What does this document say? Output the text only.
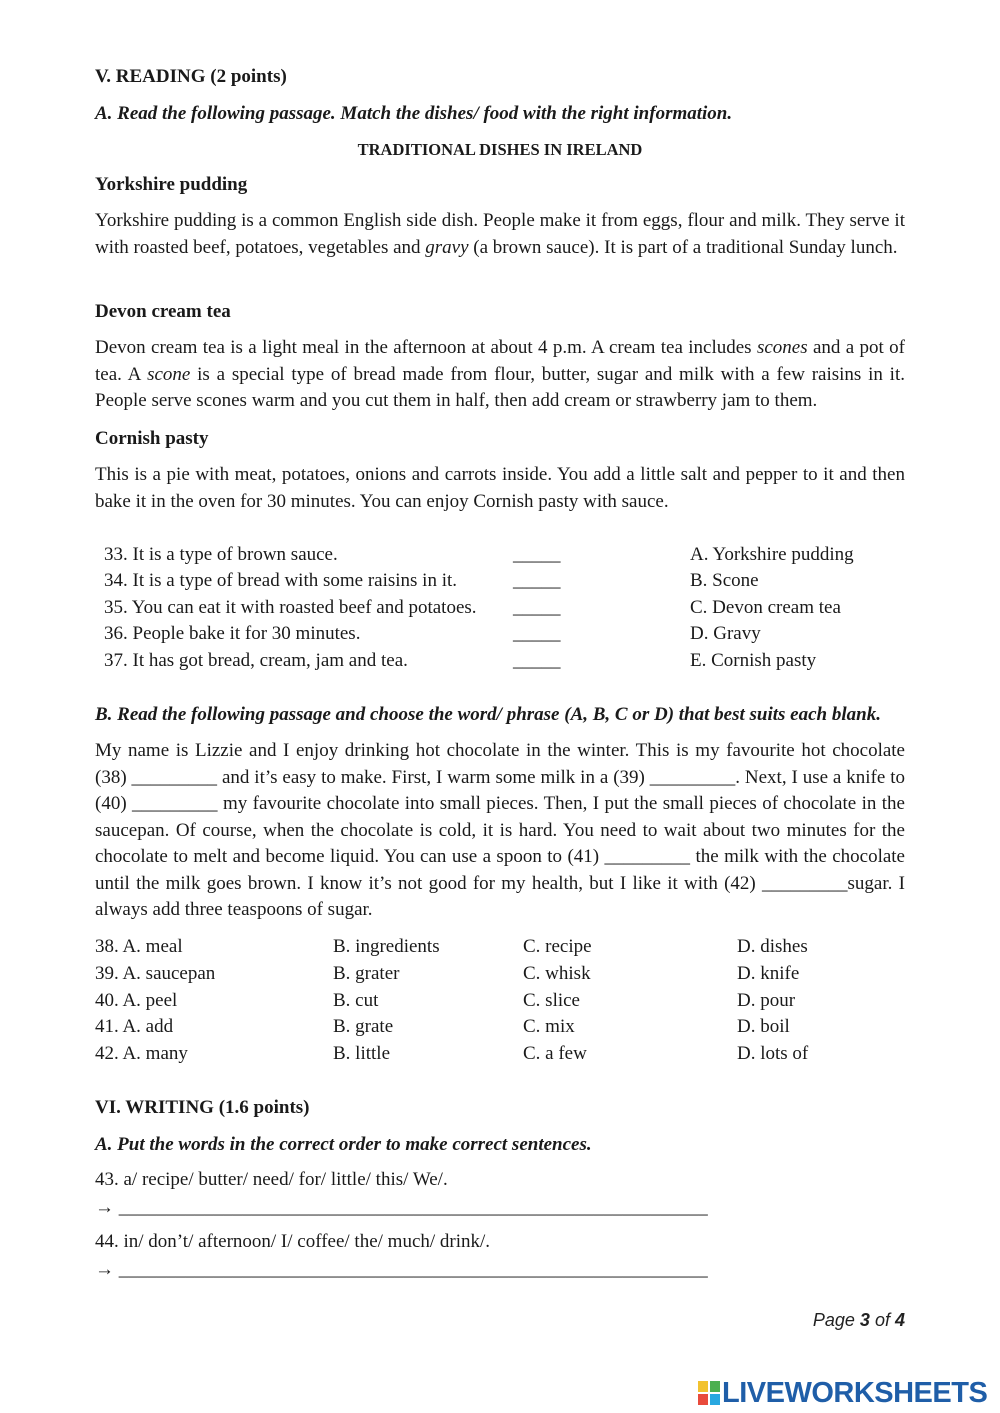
V. READING (2 points)
A. Read the following passage. Match the dishes/ food with the right information.
TRADITIONAL DISHES IN IRELAND
Yorkshire pudding
Yorkshire pudding is a common English side dish. People make it from eggs, flour and milk. They serve it with roasted beef, potatoes, vegetables and gravy (a brown sauce). It is part of a traditional Sunday lunch.
Devon cream tea
Devon cream tea is a light meal in the afternoon at about 4 p.m. A cream tea includes scones and a pot of tea. A scone is a special type of bread made from flour, butter, sugar and milk with a few raisins in it. People serve scones warm and you cut them in half, then add cream or strawberry jam to them.
Cornish pasty
This is a pie with meat, potatoes, onions and carrots inside. You add a little salt and pepper to it and then bake it in the oven for 30 minutes. You can enjoy Cornish pasty with sauce.
33. It is a type of brown sauce.	_____	A. Yorkshire pudding
34. It is a type of bread with some raisins in it.	_____	B. Scone
35. You can eat it with roasted beef and potatoes. _____	C. Devon cream tea
36. People bake it for 30 minutes.	_____	D. Gravy
37. It has got bread, cream, jam and tea.	_____	E. Cornish pasty
B. Read the following passage and choose the word/ phrase (A, B, C or D) that best suits each blank.
My name is Lizzie and I enjoy drinking hot chocolate in the winter. This is my favourite hot chocolate (38) _________ and it’s easy to make. First, I warm some milk in a (39) _________. Next, I use a knife to (40) _________ my favourite chocolate into small pieces. Then, I put the small pieces of chocolate in the saucepan. Of course, when the chocolate is cold, it is hard. You need to wait about two minutes for the chocolate to melt and become liquid. You can use a spoon to (41) _________ the milk with the chocolate until the milk goes brown. I know it’s not good for my health, but I like it with (42) _________sugar. I always add three teaspoons of sugar.
38. A. meal	B. ingredients	C. recipe	D. dishes
39. A. saucepan	B. grater	C. whisk	D. knife
40. A. peel	B. cut	C. slice	D. pour
41. A. add	B. grate	C. mix	D. boil
42. A. many	B. little	C. a few	D. lots of
VI. WRITING (1.6 points)
A. Put the words in the correct order to make correct sentences.
43. a/ recipe/ butter/ need/ for/ little/ this/ We/.
→ ______________________________________________________________
44. in/ don’t/ afternoon/ I/ coffee/ the/ much/ drink/.
→ ______________________________________________________________
Page 3 of 4
LIVEWORKSHEETS
